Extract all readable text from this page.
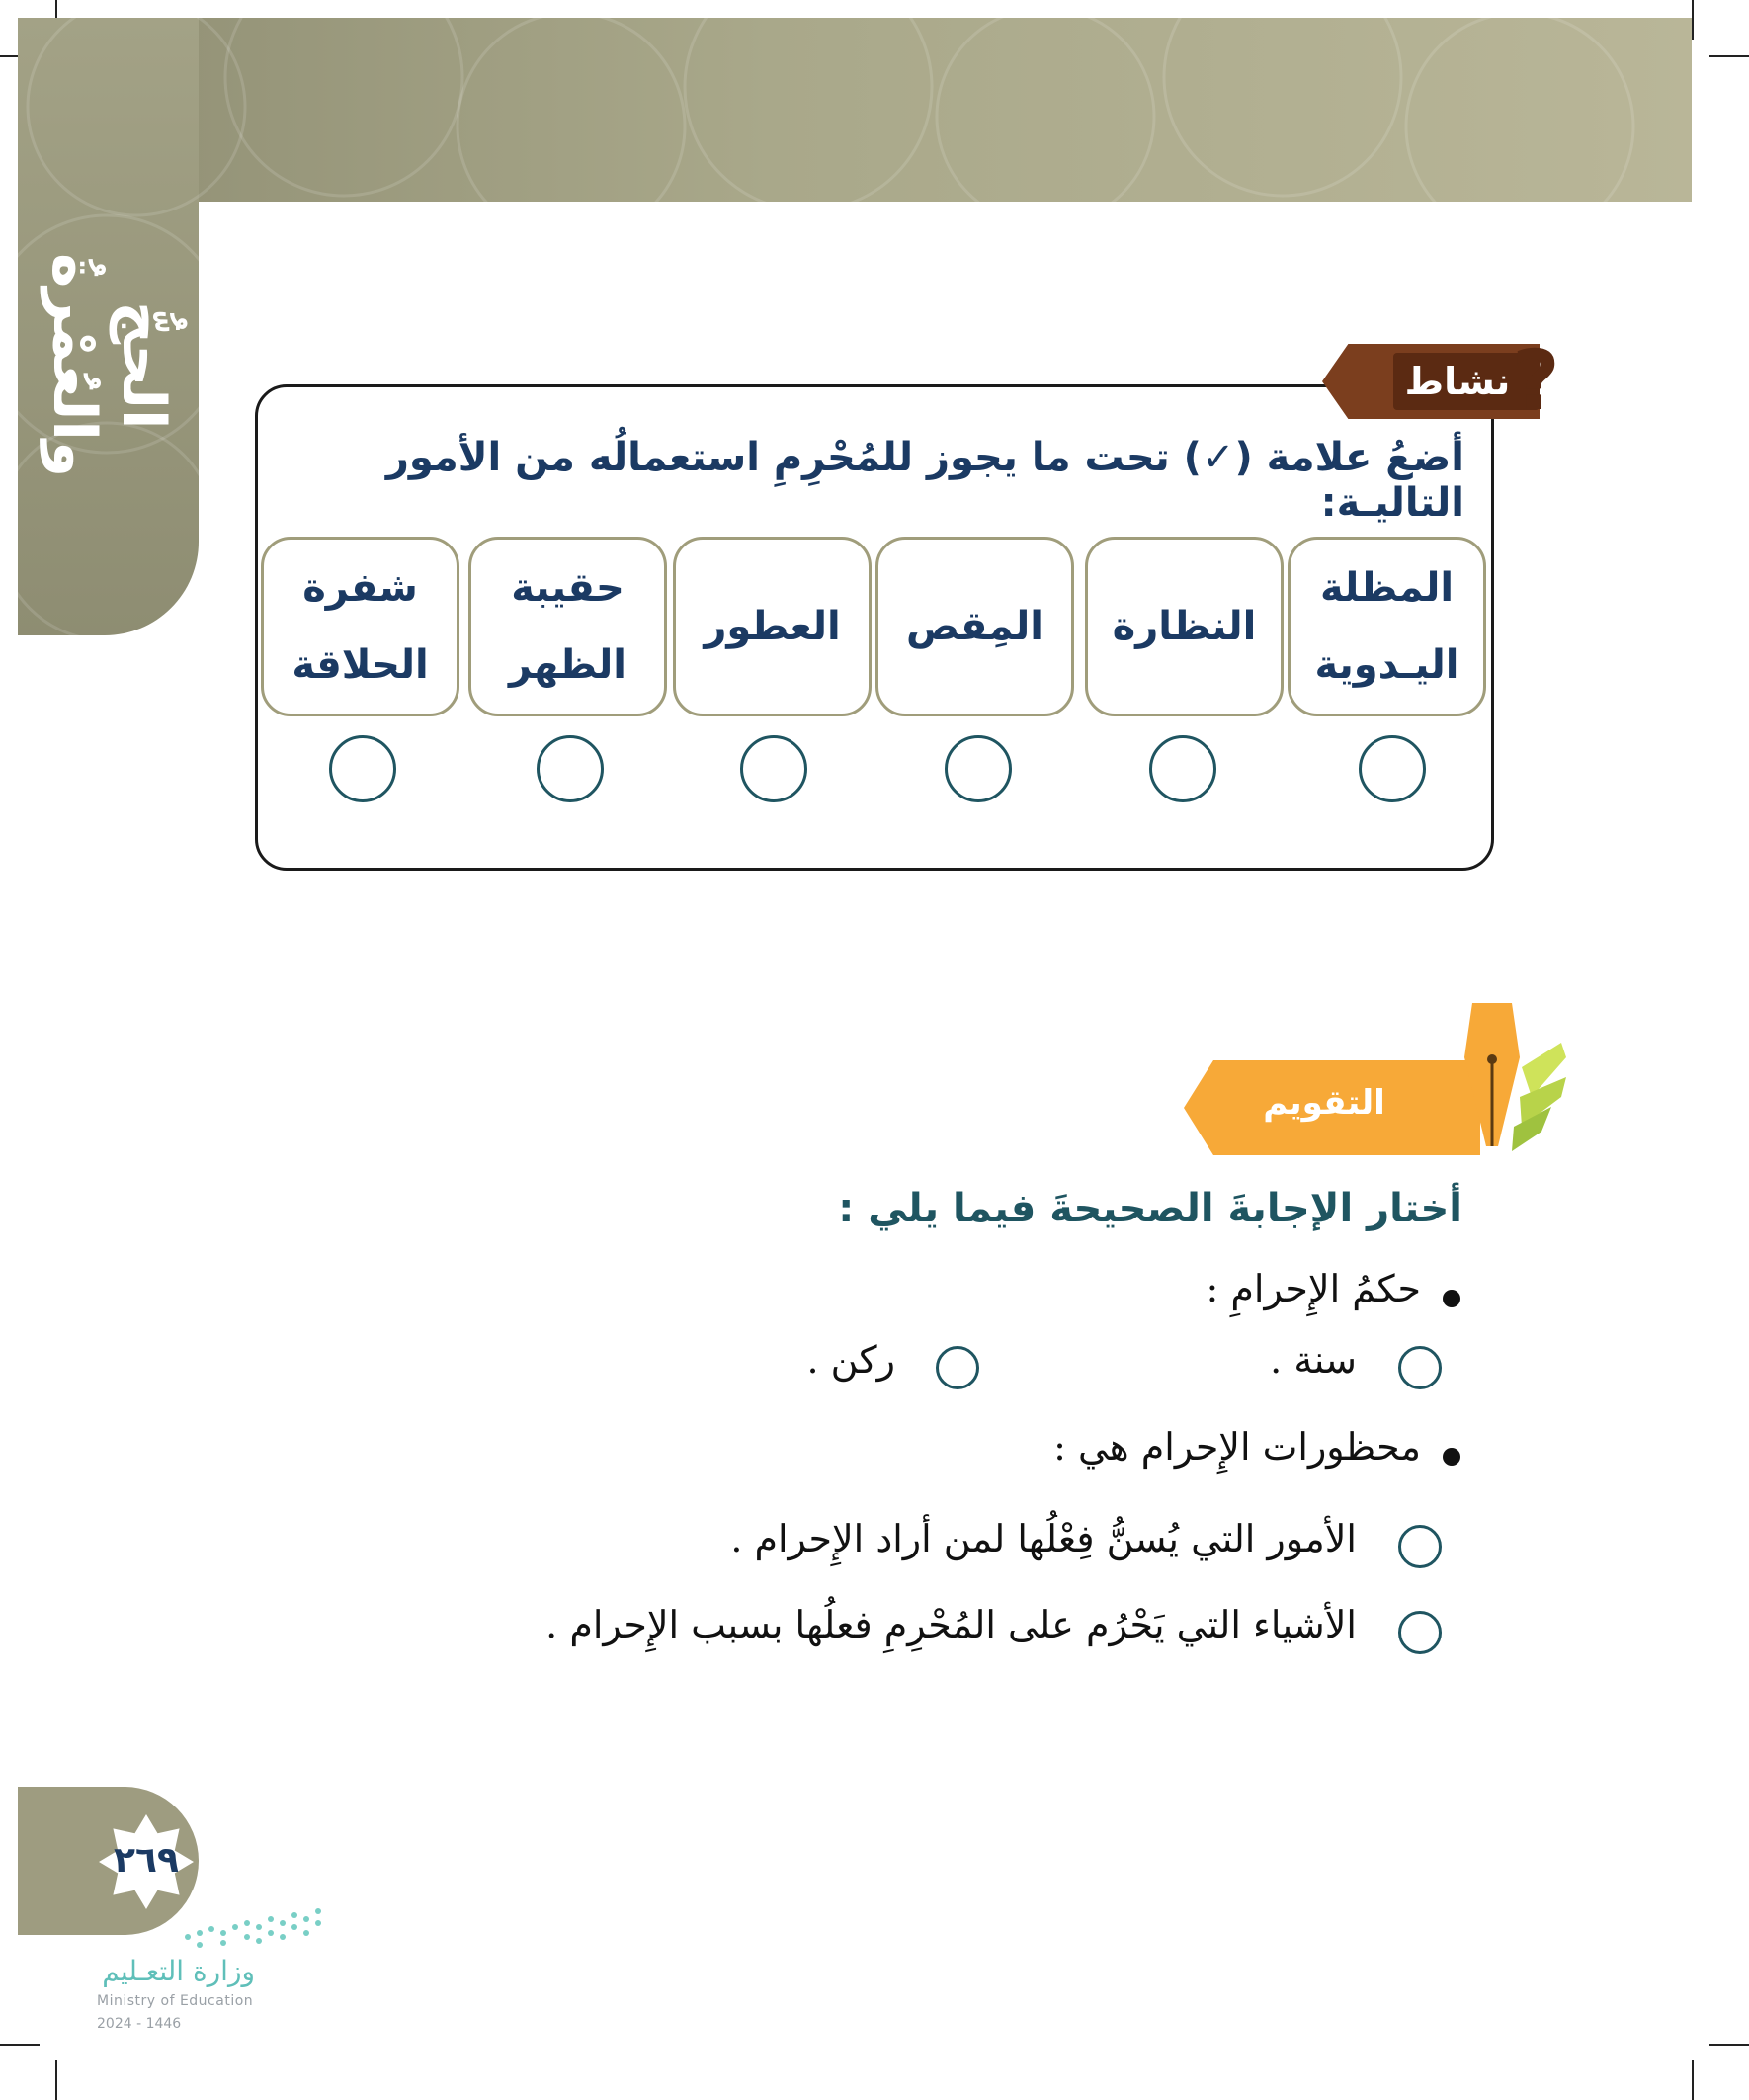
الحجُّ والعُمْرةُ	نشاط ?
أضعُ علامة (✓) تحت ما يجوز للمُحْرِمِ استعمالُه من الأمور التاليـة:
المظلة
اليـدوية
النظارة
المِقص
العطور
حقيبة
الظهر
شفرة
الحلاقة
التقويم
أختار الإجابةَ الصحيحةَ فيما يلي :
حكمُ الإِحرامِ :
سنة .
ركن .
محظورات الإِحرام هي :
الأمور التي يُسنُّ فِعْلُها لمن أراد الإِحرام .
الأشياء التي يَحْرُم على المُحْرِمِ فعلُها بسبب الإِحرام .
٢٦٩
وزارة التعـليم
Ministry of Education
2024 - 1446
